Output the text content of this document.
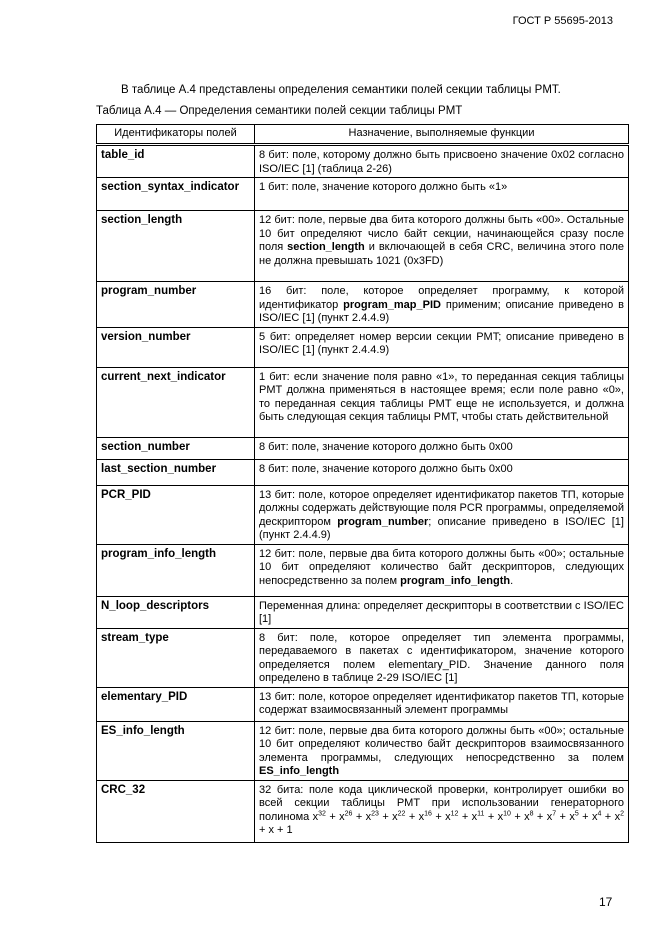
ГОСТ Р 55695-2013
В таблице А.4 представлены определения семантики полей секции таблицы PMT.
Таблица А.4 — Определения семантики полей секции таблицы PMT
Идентификаторы полей	Назначение, выполняемые функции
table_id	8 бит: поле, которому должно быть присвоено значение 0x02 согласно ISO/IEC [1] (таблица 2-26)
section_syntax_indicator	1 бит: поле, значение которого должно быть «1»
section_length	12 бит: поле, первые два бита которого должны быть «00». Остальные 10 бит определяют число байт секции, начинающейся сразу после поля section_length и включающей в себя CRC, величина этого поле не должна превышать 1021 (0x3FD)
program_number	16 бит: поле, которое определяет программу, к которой идентификатор program_map_PID применим; описание приведено в ISO/IEC [1] (пункт 2.4.4.9)
version_number	5 бит: определяет номер версии секции PMT; описание приведено в ISO/IEC [1] (пункт 2.4.4.9)
current_next_indicator	1 бит: если значение поля равно «1», то переданная секция таблицы PMT должна применяться в настоящее время; если поле равно «0», то переданная секция таблицы PMT еще не используется, и должна быть следующая секция таблицы PMT, чтобы стать действительной
section_number	8 бит: поле, значение которого должно быть 0x00
last_section_number	8 бит: поле, значение которого должно быть 0x00
PCR_PID	13 бит: поле, которое определяет идентификатор пакетов ТП, которые должны содержать действующие поля PCR программы, определяемой дескриптором program_number; описание приведено в ISO/IEC [1] (пункт 2.4.4.9)
program_info_length	12 бит: поле, первые два бита которого должны быть «00»; остальные 10 бит определяют количество байт дескрипторов, следующих непосредственно за полем program_info_length.
N_loop_descriptors	Переменная длина: определяет дескрипторы в соответствии с ISO/IEC [1]
stream_type	8 бит: поле, которое определяет тип элемента программы, передаваемого в пакетах с идентификатором, значение которого определяется полем elementary_PID. Значение данного поля определено в таблице 2-29 ISO/IEC [1]
elementary_PID	13 бит: поле, которое определяет идентификатор пакетов ТП, которые содержат взаимосвязанный элемент программы
ES_info_length	12 бит: поле, первые два бита которого должны быть «00»; остальные 10 бит определяют количество байт дескрипторов взаимосвязанного элемента программы, следующих непосредственно за полем ES_info_length
CRC_32	32 бита: поле кода циклической проверки, контролирует ошибки во всей секции таблицы PMT при использовании генераторного полинома $x^{32} + x^{26} + x^{23} + x^{22} + x^{16} + x^{12} + x^{11} + x^{10} + x^8 + x^7 + x^5 + x^4 + x^2 + x + 1$
17
